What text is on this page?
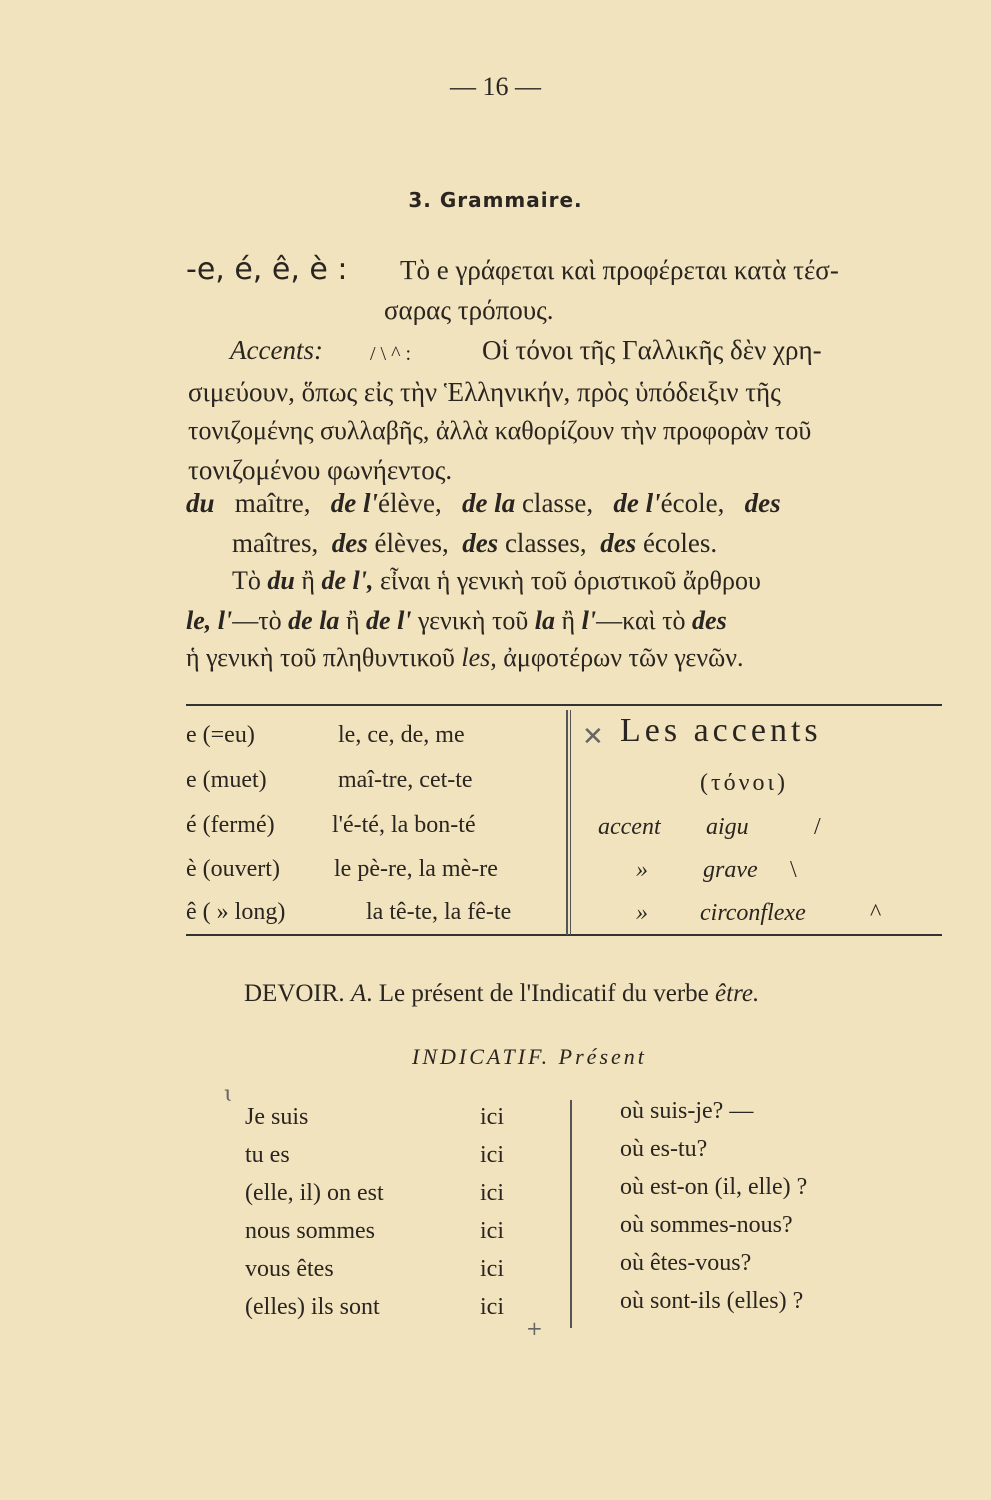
— 16 —
3. Grammaire.
-e, é, ê, è : Τὸ e γράφεται καὶ προφέρεται κατὰ τέσ-
σαρας τρόπους.
Accents: / \ ^ :	Οἱ τόνοι τῆς Γαλλικῆς δὲν χρη-
σιμεύουν, ὅπως εἰς τὴν Ἑλληνικήν, πρὸς ὑπόδειξιν τῆς
τονιζομένης συλλαβῆς, ἀλλὰ καθορίζουν τὴν προφορὰν τοῦ
τονιζομένου φωνήεντος.
du maître, de l'élève, de la classe, de l'école, des
maîtres, des élèves, des classes, des écoles.
Τὸ du ἢ de l', εἶναι ἡ γενικὴ τοῦ ὁριστικοῦ ἄρθρου
le, l'—τὸ de la ἢ de l' γενικὴ τοῦ la ἢ l'—καὶ τὸ des
ἡ γενικὴ τοῦ πληθυντικοῦ les, ἀμφοτέρων τῶν γενῶν.
e (=eu)	le, ce, de, me
e (muet)	maî-tre, cet-te
é (fermé) l'é-té, la bon-té
è (ouvert) le pè-re, la mè-re
ê ( » long)	la tê-te, la fê-te
✕ Les accents
(τόνοι)
accent aigu	/
» grave \
» circonflexe	^
DEVOIR. A. Le présent de l'Indicatif du verbe être.
INDICATIF. Présent
ɩ
Je suis	ici	où suis-je? —
tu es	ici	où es-tu?
(elle, il) on est	ici	où est-on (il, elle) ?
nous sommes	ici	où sommes-nous?
vous êtes	ici	où êtes-vous?
(elles) ils sont	ici	où sont-ils (elles) ?
+
